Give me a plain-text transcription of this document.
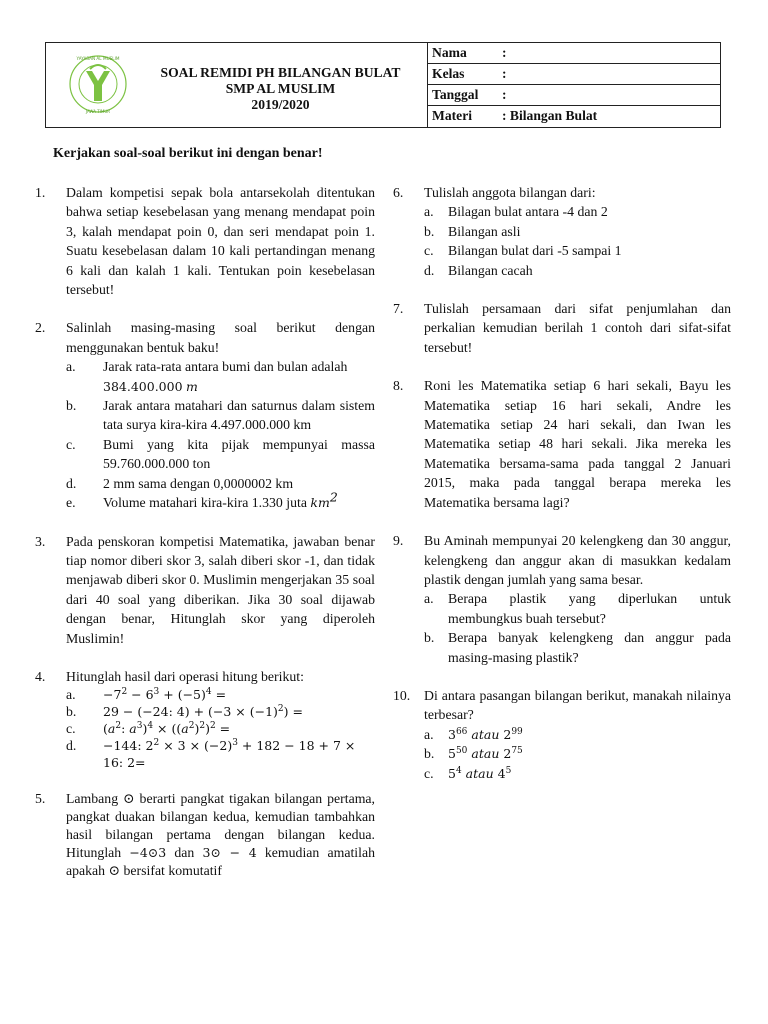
YAYASAN AL MUSLIM
JAWA TIMUR
SOAL REMIDI PH BILANGAN BULAT
SMP AL MUSLIM
2019/2020
Nama	:
Kelas	:
Tanggal :
Materi : Bilangan Bulat
Kerjakan soal-soal berikut ini dengan benar!
1. Dalam kompetisi sepak bola antarsekolah ditentukan bahwa setiap kesebelasan yang menang mendapat poin 3, kalah mendapat poin 0, dan seri mendapat poin 1. Suatu kesebelasan dalam 10 kali pertandingan menang 6 kali dan kalah 1 kali. Tentukan poin kesebelasan tersebut!
2. Salinlah masing-masing soal berikut dengan menggunakan bentuk baku!
a. Jarak rata-rata antara bumi dan bulan adalah
384.400.000 m
b. Jarak antara matahari dan saturnus dalam sistem tata surya kira-kira 4.497.000.000 km
c. Bumi yang kita pijak mempunyai massa 59.760.000.000 ton
d. 2 mm sama dengan 0,0000002 km
e. Volume matahari kira-kira 1.330 juta $km^2$
3. Pada penskoran kompetisi Matematika, jawaban benar tiap nomor diberi skor 3, salah diberi skor -1, dan tidak menjawab diberi skor 0. Muslimin mengerjakan 35 soal dari 40 soal yang diberikan. Jika 30 soal dijawab dengan benar, Hitunglah skor yang diperoleh Muslimin!
4. Hitunglah hasil dari operasi hitung berikut:
a. $-7^2 - 6^3 + (-5)^4$ =
b. 29 − (−24: $4) + (-3 \times (-1)^2)$ =
c. ($a^2$: $a^3)^4 \times ((a^2)^2)^2$ =
d. −144: $2^2 \times 3 \times (-2)^3 + 182 - 18 + 7$ ×
16: 2=
5. Lambang ⊙ berarti pangkat tigakan bilangan pertama, pangkat duakan bilangan kedua, kemudian tambahkan hasil bilangan pertama dengan bilangan kedua. Hitunglah −4⊙3 dan 3⊙ − 4 kemudian amatilah apakah ⊙ bersifat komutatif
6. Tulislah anggota bilangan dari:
a. Bilagan bulat antara -4 dan 2
b. Bilangan asli
c. Bilangan bulat dari -5 sampai 1
d. Bilangan cacah
7. Tulislah persamaan dari sifat penjumlahan dan perkalian kemudian berilah 1 contoh dari sifat-sifat tersebut!
8. Roni les Matematika setiap 6 hari sekali, Bayu les Matematika setiap 16 hari sekali, Andre les Matematika setiap 24 hari sekali, dan Iwan les Matematika setiap 48 hari sekali. Jika mereka les Matematika bersama-sama pada tanggal 2 Januari 2015, maka pada tanggal berapa mereka les Matematika bersama lagi?
9. Bu Aminah mempunyai 20 kelengkeng dan 30 anggur, kelengkeng dan anggur akan di masukkan kedalam plastik dengan jumlah yang sama besar.
a. Berapa plastik yang diperlukan untuk membungkus buah tersebut?
b. Berapa banyak kelengkeng dan anggur pada masing-masing plastik?
10. Di antara pasangan bilangan berikut, manakah nilainya terbesar?
a. $3^{66}$ atau $2^{99}$
b. $5^{50}$ atau $2^{75}$
c. $5^4$ atau $4^5$
